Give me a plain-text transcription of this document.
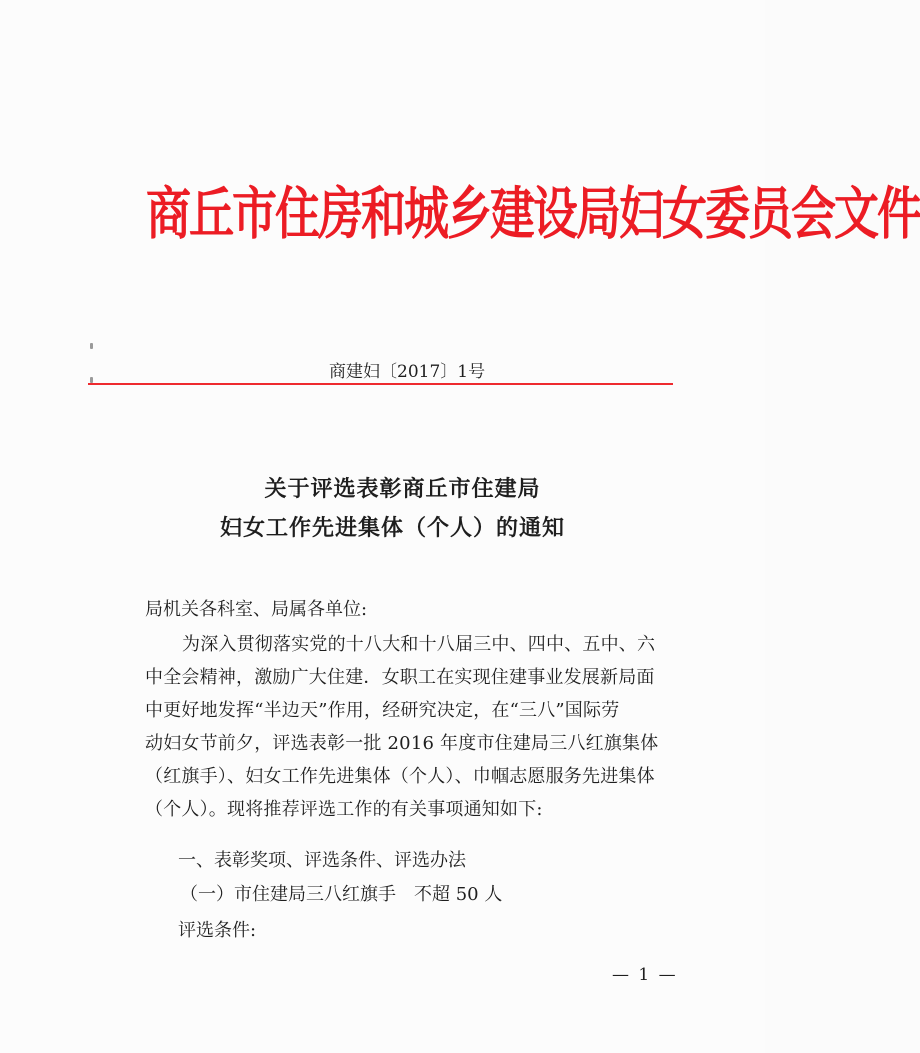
商丘市住房和城乡建设局妇女委员会文件
商建妇〔2017〕1号
关于评选表彰商丘市住建局
妇女工作先进集体（个人）的通知
局机关各科室、局属各单位:
为深入贯彻落实党的十八大和十八届三中、四中、五中、六
中全会精神，激励广大住建．女职工在实现住建事业发展新局面
中更好地发挥“半边天”作用，经研究决定，在“三八”国际劳
动妇女节前夕，评选表彰一批 2016 年度市住建局三八红旗集体
（红旗手）、妇女工作先进集体（个人）、巾帼志愿服务先进集体
（个人）。现将推荐评选工作的有关事项通知如下:
一、表彰奖项、评选条件、评选办法
（一）市住建局三八红旗手　不超 50 人
评选条件:
— 1 —
